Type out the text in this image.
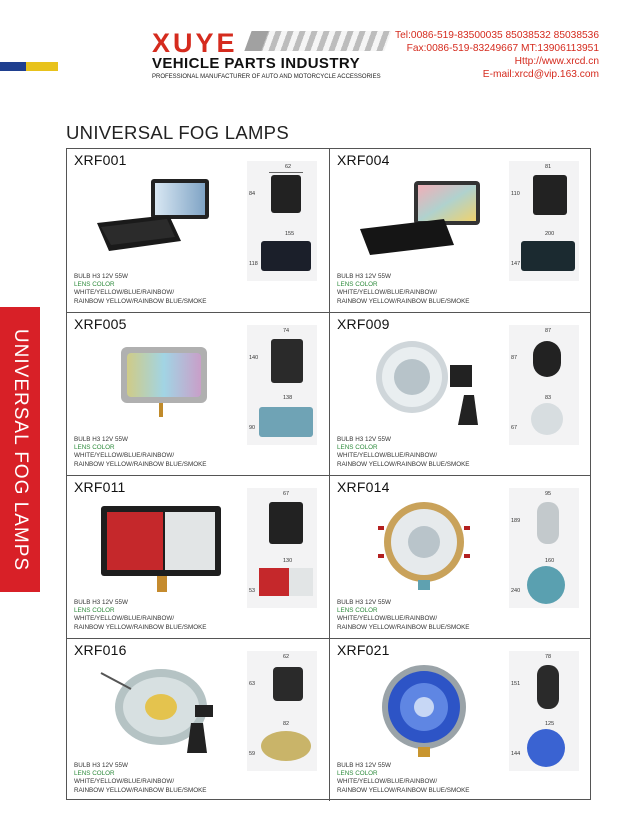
XUYE
VEHICLE PARTS INDUSTRY
PROFESSIONAL MANUFACTURER OF AUTO AND MOTORCYCLE ACCESSORIES
Tel:0086-519-83500035 85038532 85038536
Fax:0086-519-83249667 MT:13906113951
Http://www.xrcd.cn
E-mail:xrcd@vip.163.com
UNIVERSAL FOG LAMPS
UNIVERSAL FOG LAMPS
XRF001	62
84
155
118
BULB H3 12V 55W
LENS COLOR
WHITE/YELLOW/BLUE/RAINBOW/
RAINBOW YELLOW/RAINBOW BLUE/SMOKE
XRF004	81
110
200
147
BULB H3 12V 55W
LENS COLOR
WHITE/YELLOW/BLUE/RAINBOW/
RAINBOW YELLOW/RAINBOW BLUE/SMOKE
XRF005	74
140
138
90
BULB H3 12V 55W
LENS COLOR
WHITE/YELLOW/BLUE/RAINBOW/
RAINBOW YELLOW/RAINBOW BLUE/SMOKE
XRF009	87
87
83
67
BULB H3 12V 55W
LENS COLOR
WHITE/YELLOW/BLUE/RAINBOW/
RAINBOW YELLOW/RAINBOW BLUE/SMOKE
XRF011	67
130
53
BULB H3 12V 55W
LENS COLOR
WHITE/YELLOW/BLUE/RAINBOW/
RAINBOW YELLOW/RAINBOW BLUE/SMOKE
XRF014	95
189
160
240
BULB H3 12V 55W
LENS COLOR
WHITE/YELLOW/BLUE/RAINBOW/
RAINBOW YELLOW/RAINBOW BLUE/SMOKE
XRF016	62
63
82
59
BULB H3 12V 55W
LENS COLOR
WHITE/YELLOW/BLUE/RAINBOW/
RAINBOW YELLOW/RAINBOW BLUE/SMOKE
XRF021	78
151
125
144
BULB H3 12V 55W
LENS COLOR
WHITE/YELLOW/BLUE/RAINBOW/
RAINBOW YELLOW/RAINBOW BLUE/SMOKE
